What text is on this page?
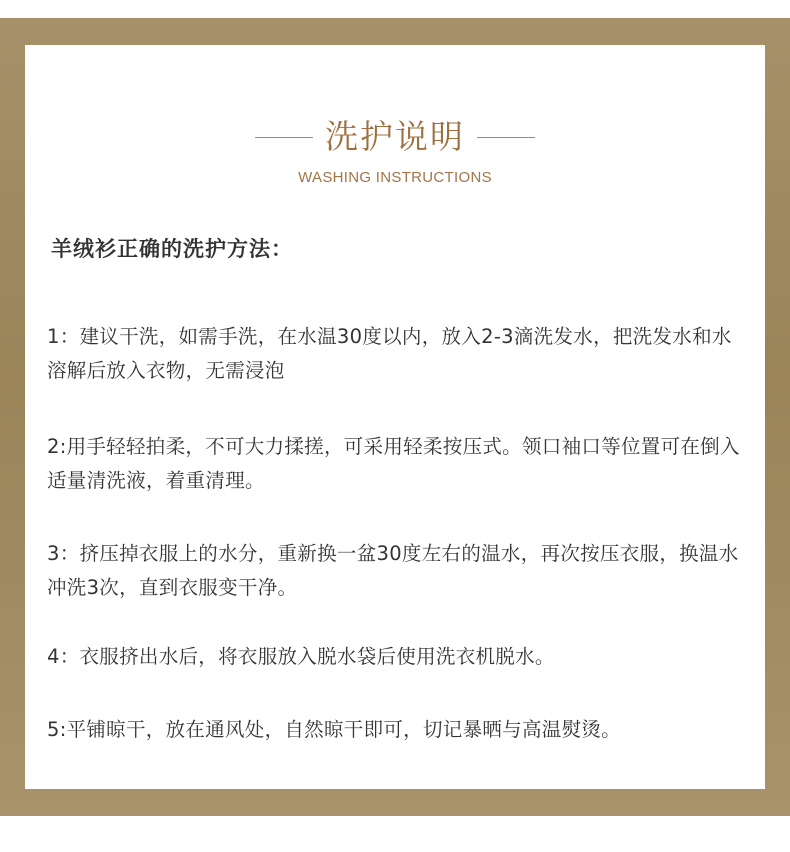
洗护说明
WASHING INSTRUCTIONS
羊绒衫正确的洗护方法：
1：建议干洗，如需手洗，在水温30度以内，放入2-3滴洗发水，把洗发水和水溶解后放入衣物，无需浸泡
2:用手轻轻拍柔，不可大力揉搓，可采用轻柔按压式。领口袖口等位置可在倒入适量清洗液，着重清理。
3：挤压掉衣服上的水分，重新换一盆30度左右的温水，再次按压衣服，换温水冲洗3次，直到衣服变干净。
4：衣服挤出水后，将衣服放入脱水袋后使用洗衣机脱水。
5:平铺晾干，放在通风处，自然晾干即可，切记暴晒与高温熨烫。
